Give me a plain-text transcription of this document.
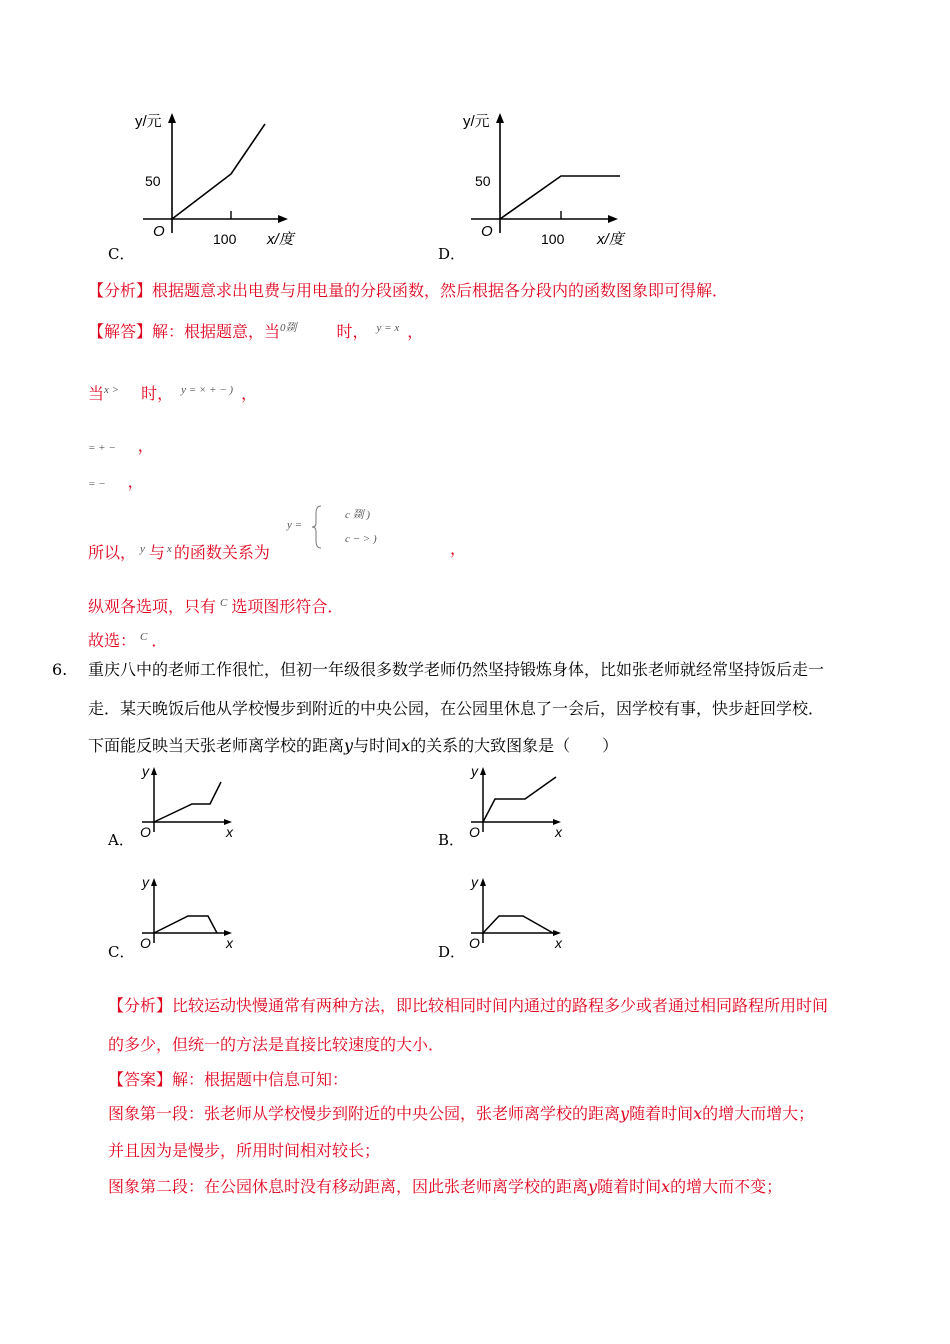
y/元
50
O	100 x/度
C．
y/元
50
O	100 x/度
D．
【分析】根据题意求出电费与用电量的分段函数，然后根据各分段内的函数图象即可得解．
【解答】解：根据题意，当$^{0剟}$	时， $^{y = x}$ ，
当$^{x >}$ 时， $^{y = \times + - )}$ ，
= + − ，
= − ，
所以， $^y$ 与 $^x$ 的函数关系为
y =
c 剟 )
c − > )	，
纵观各选项，只有 $^C$ 选项图形符合．
故选： $^C$ ．
6. 重庆八中的老师工作很忙，但初一年级很多数学老师仍然坚持锻炼身体，比如张老师就经常坚持饭后走一
走．某天晚饭后他从学校慢步到附近的中央公园，在公园里休息了一会后，因学校有事，快步赶回学校．
下面能反映当天张老师离学校的距离y与时间x的关系的大致图象是（　　）
y
O	x
A．
y
O	x
B．
y
O	x
C．
y
O	x
D．
【分析】比较运动快慢通常有两种方法，即比较相同时间内通过的路程多少或者通过相同路程所用时间
的多少，但统一的方法是直接比较速度的大小．
【答案】解：根据题中信息可知：
图象第一段：张老师从学校慢步到附近的中央公园，张老师离学校的距离y随着时间x的增大而增大；
并且因为是慢步，所用时间相对较长；
图象第二段：在公园休息时没有移动距离，因此张老师离学校的距离y随着时间x的增大而不变；
